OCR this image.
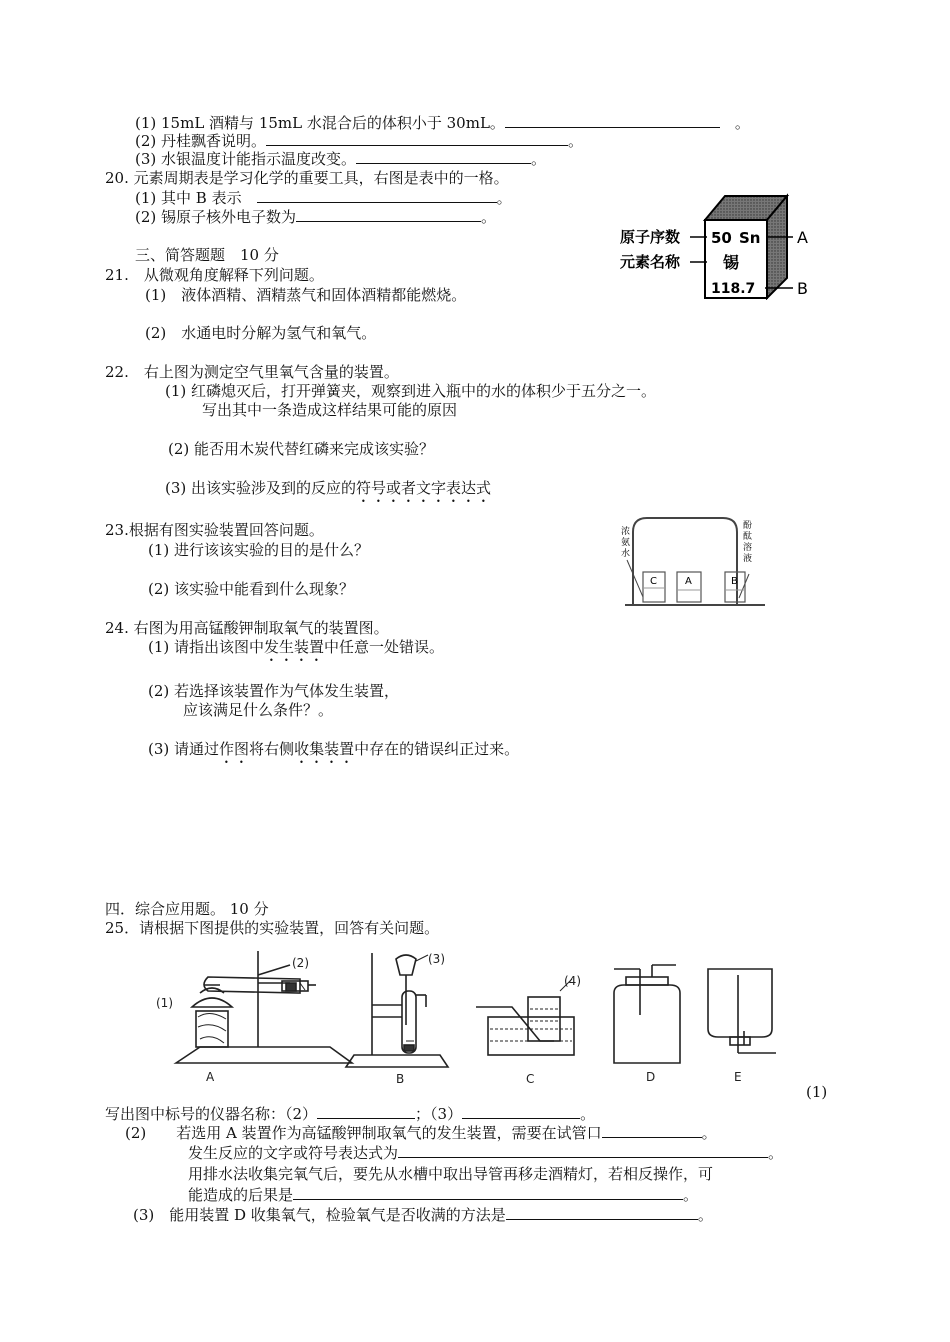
(1) 15mL 酒精与 15mL 水混合后的体积小于 30mL。　	。
(2) 丹桂飘香说明。	。
(3) 水银温度计能指示温度改变。	。
20. 元素周期表是学习化学的重要工具，右图是表中的一格。
(1) 其中 B 表示　	。
(2) 锡原子核外电子数为	。
原子序数
元素名称
50 Sn
锡
118.7
A
B
三、简答题题　10 分
21.　从微观角度解释下列问题。
(1)　液体酒精、酒精蒸气和固体酒精都能燃烧。
(2)　水通电时分解为氢气和氧气。
22.　右上图为测定空气里氧气含量的装置。
(1) 红磷熄灭后，打开弹簧夹，观察到进入瓶中的水的体积少于五分之一。
写出其中一条造成这样结果可能的原因
(2) 能否用木炭代替红磷来完成该实验？
(3) 出该实验涉及到的反应的符号或者文字表达式
23.根据有图实验装置回答问题。
(1) 进行该该实验的目的是什么？
(2) 该实验中能看到什么现象？
浓氨水
酚酞溶液
C	A	B
24. 右图为用高锰酸钾制取氧气的装置图。
(1) 请指出该图中发生装置中任意一处错误。
(2) 若选择该装置作为气体发生装置，
应该满足什么条件？。
(3) 请通过作图将右侧收集装置中存在的错误纠正过来。
四．综合应用题。 10 分
25．请根据下图提供的实验装置，回答有关问题。
A	B	C	D	E
(1)
(2)	(3)
(4)
(1)
写出图中标号的仪器名称：（2）	；（3）	。
(2)　　若选用 A 装置作为高锰酸钾制取氧气的发生装置，需要在试管口	。
发生反应的文字或符号表达式为	。
用排水法收集完氧气后，要先从水槽中取出导管再移走酒精灯，若相反操作，可
能造成的后果是	。
(3)　能用装置 D 收集氧气，检验氧气是否收满的方法是	。
